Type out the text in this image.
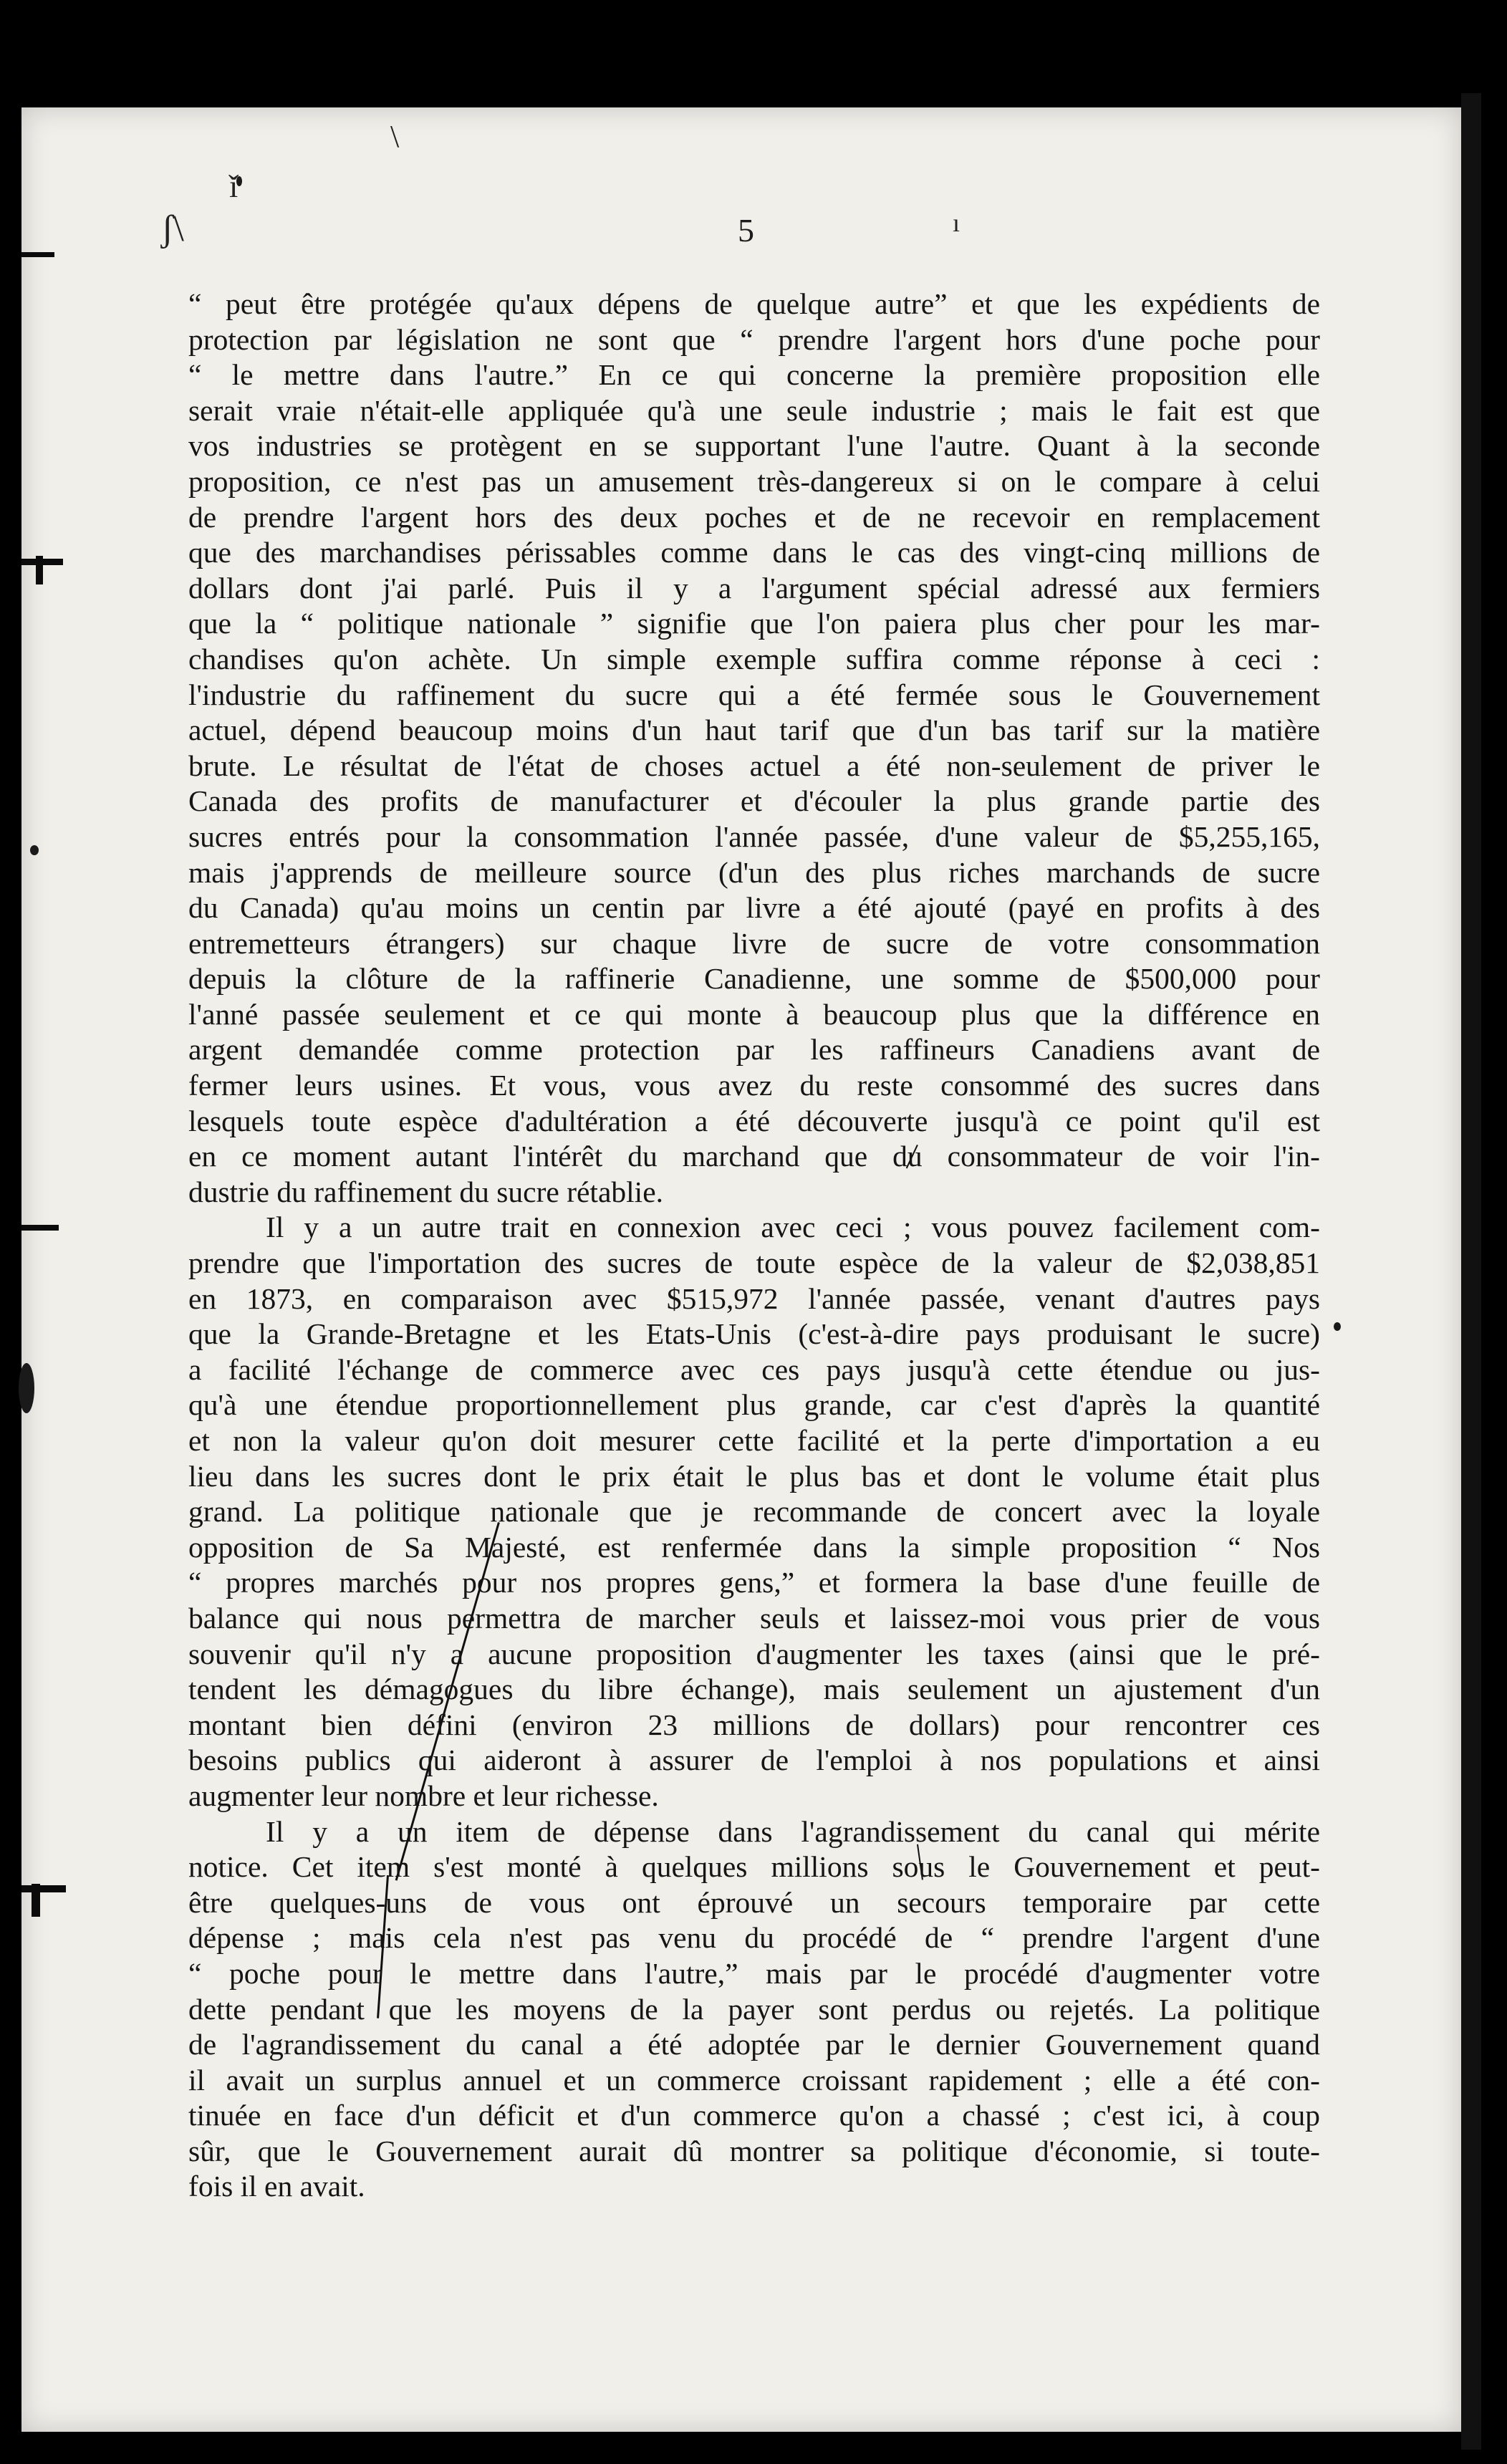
ʃ\
ǐ
ı
\
5
“ peut être protégée qu'aux dépens de quelque autre” et que les expédients de
protection par législation ne sont que “ prendre l'argent hors d'une poche pour
“ le mettre dans l'autre.” En ce qui concerne la première proposition elle
serait vraie n'était-elle appliquée qu'à une seule industrie ; mais le fait est que
vos industries se protègent en se supportant l'une l'autre. Quant à la seconde
proposition, ce n'est pas un amusement très-dangereux si on le compare à celui
de prendre l'argent hors des deux poches et de ne recevoir en remplacement
que des marchandises périssables comme dans le cas des vingt-cinq millions de
dollars dont j'ai parlé. Puis il y a l'argument spécial adressé aux fermiers
que la “ politique nationale ” signifie que l'on paiera plus cher pour les mar-
chandises qu'on achète. Un simple exemple suffira comme réponse à ceci :
l'industrie du raffinement du sucre qui a été fermée sous le Gouvernement
actuel, dépend beaucoup moins d'un haut tarif que d'un bas tarif sur la matière
brute. Le résultat de l'état de choses actuel a été non-seulement de priver le
Canada des profits de manufacturer et d'écouler la plus grande partie des
sucres entrés pour la consommation l'année passée, d'une valeur de $5,255,165,
mais j'apprends de meilleure source (d'un des plus riches marchands de sucre
du Canada) qu'au moins un centin par livre a été ajouté (payé en profits à des
entremetteurs étrangers) sur chaque livre de sucre de votre consommation
depuis la clôture de la raffinerie Canadienne, une somme de $500,000 pour
l'anné passée seulement et ce qui monte à beaucoup plus que la différence en
argent demandée comme protection par les raffineurs Canadiens avant de
fermer leurs usines. Et vous, vous avez du reste consommé des sucres dans
lesquels toute espèce d'adultération a été découverte jusqu'à ce point qu'il est
en ce moment autant l'intérêt du marchand que du consommateur de voir l'in-
dustrie du raffinement du sucre rétablie.
Il y a un autre trait en connexion avec ceci ; vous pouvez facilement com-
prendre que l'importation des sucres de toute espèce de la valeur de $2,038,851
en 1873, en comparaison avec $515,972 l'année passée, venant d'autres pays
que la Grande-Bretagne et les Etats-Unis (c'est-à-dire pays produisant le sucre)
a facilité l'échange de commerce avec ces pays jusqu'à cette étendue ou jus-
qu'à une étendue proportionnellement plus grande, car c'est d'après la quantité
et non la valeur qu'on doit mesurer cette facilité et la perte d'importation a eu
lieu dans les sucres dont le prix était le plus bas et dont le volume était plus
grand. La politique nationale que je recommande de concert avec la loyale
opposition de Sa Majesté, est renfermée dans la simple proposition “ Nos
“ propres marchés pour nos propres gens,” et formera la base d'une feuille de
balance qui nous permettra de marcher seuls et laissez-moi vous prier de vous
souvenir qu'il n'y a aucune proposition d'augmenter les taxes (ainsi que le pré-
tendent les démagogues du libre échange), mais seulement un ajustement d'un
montant bien défini (environ 23 millions de dollars) pour rencontrer ces
besoins publics qui aideront à assurer de l'emploi à nos populations et ainsi
augmenter leur nombre et leur richesse.
Il y a un item de dépense dans l'agrandissement du canal qui mérite
notice. Cet item s'est monté à quelques millions sous le Gouvernement et peut-
être quelques-uns de vous ont éprouvé un secours temporaire par cette
dépense ; mais cela n'est pas venu du procédé de “ prendre l'argent d'une
“ poche pour le mettre dans l'autre,” mais par le procédé d'augmenter votre
dette pendant que les moyens de la payer sont perdus ou rejetés. La politique
de l'agrandissement du canal a été adoptée par le dernier Gouvernement quand
il avait un surplus annuel et un commerce croissant rapidement ; elle a été con-
tinuée en face d'un déficit et d'un commerce qu'on a chassé ; c'est ici, à coup
sûr, que le Gouvernement aurait dû montrer sa politique d'économie, si toute-
fois il en avait.
